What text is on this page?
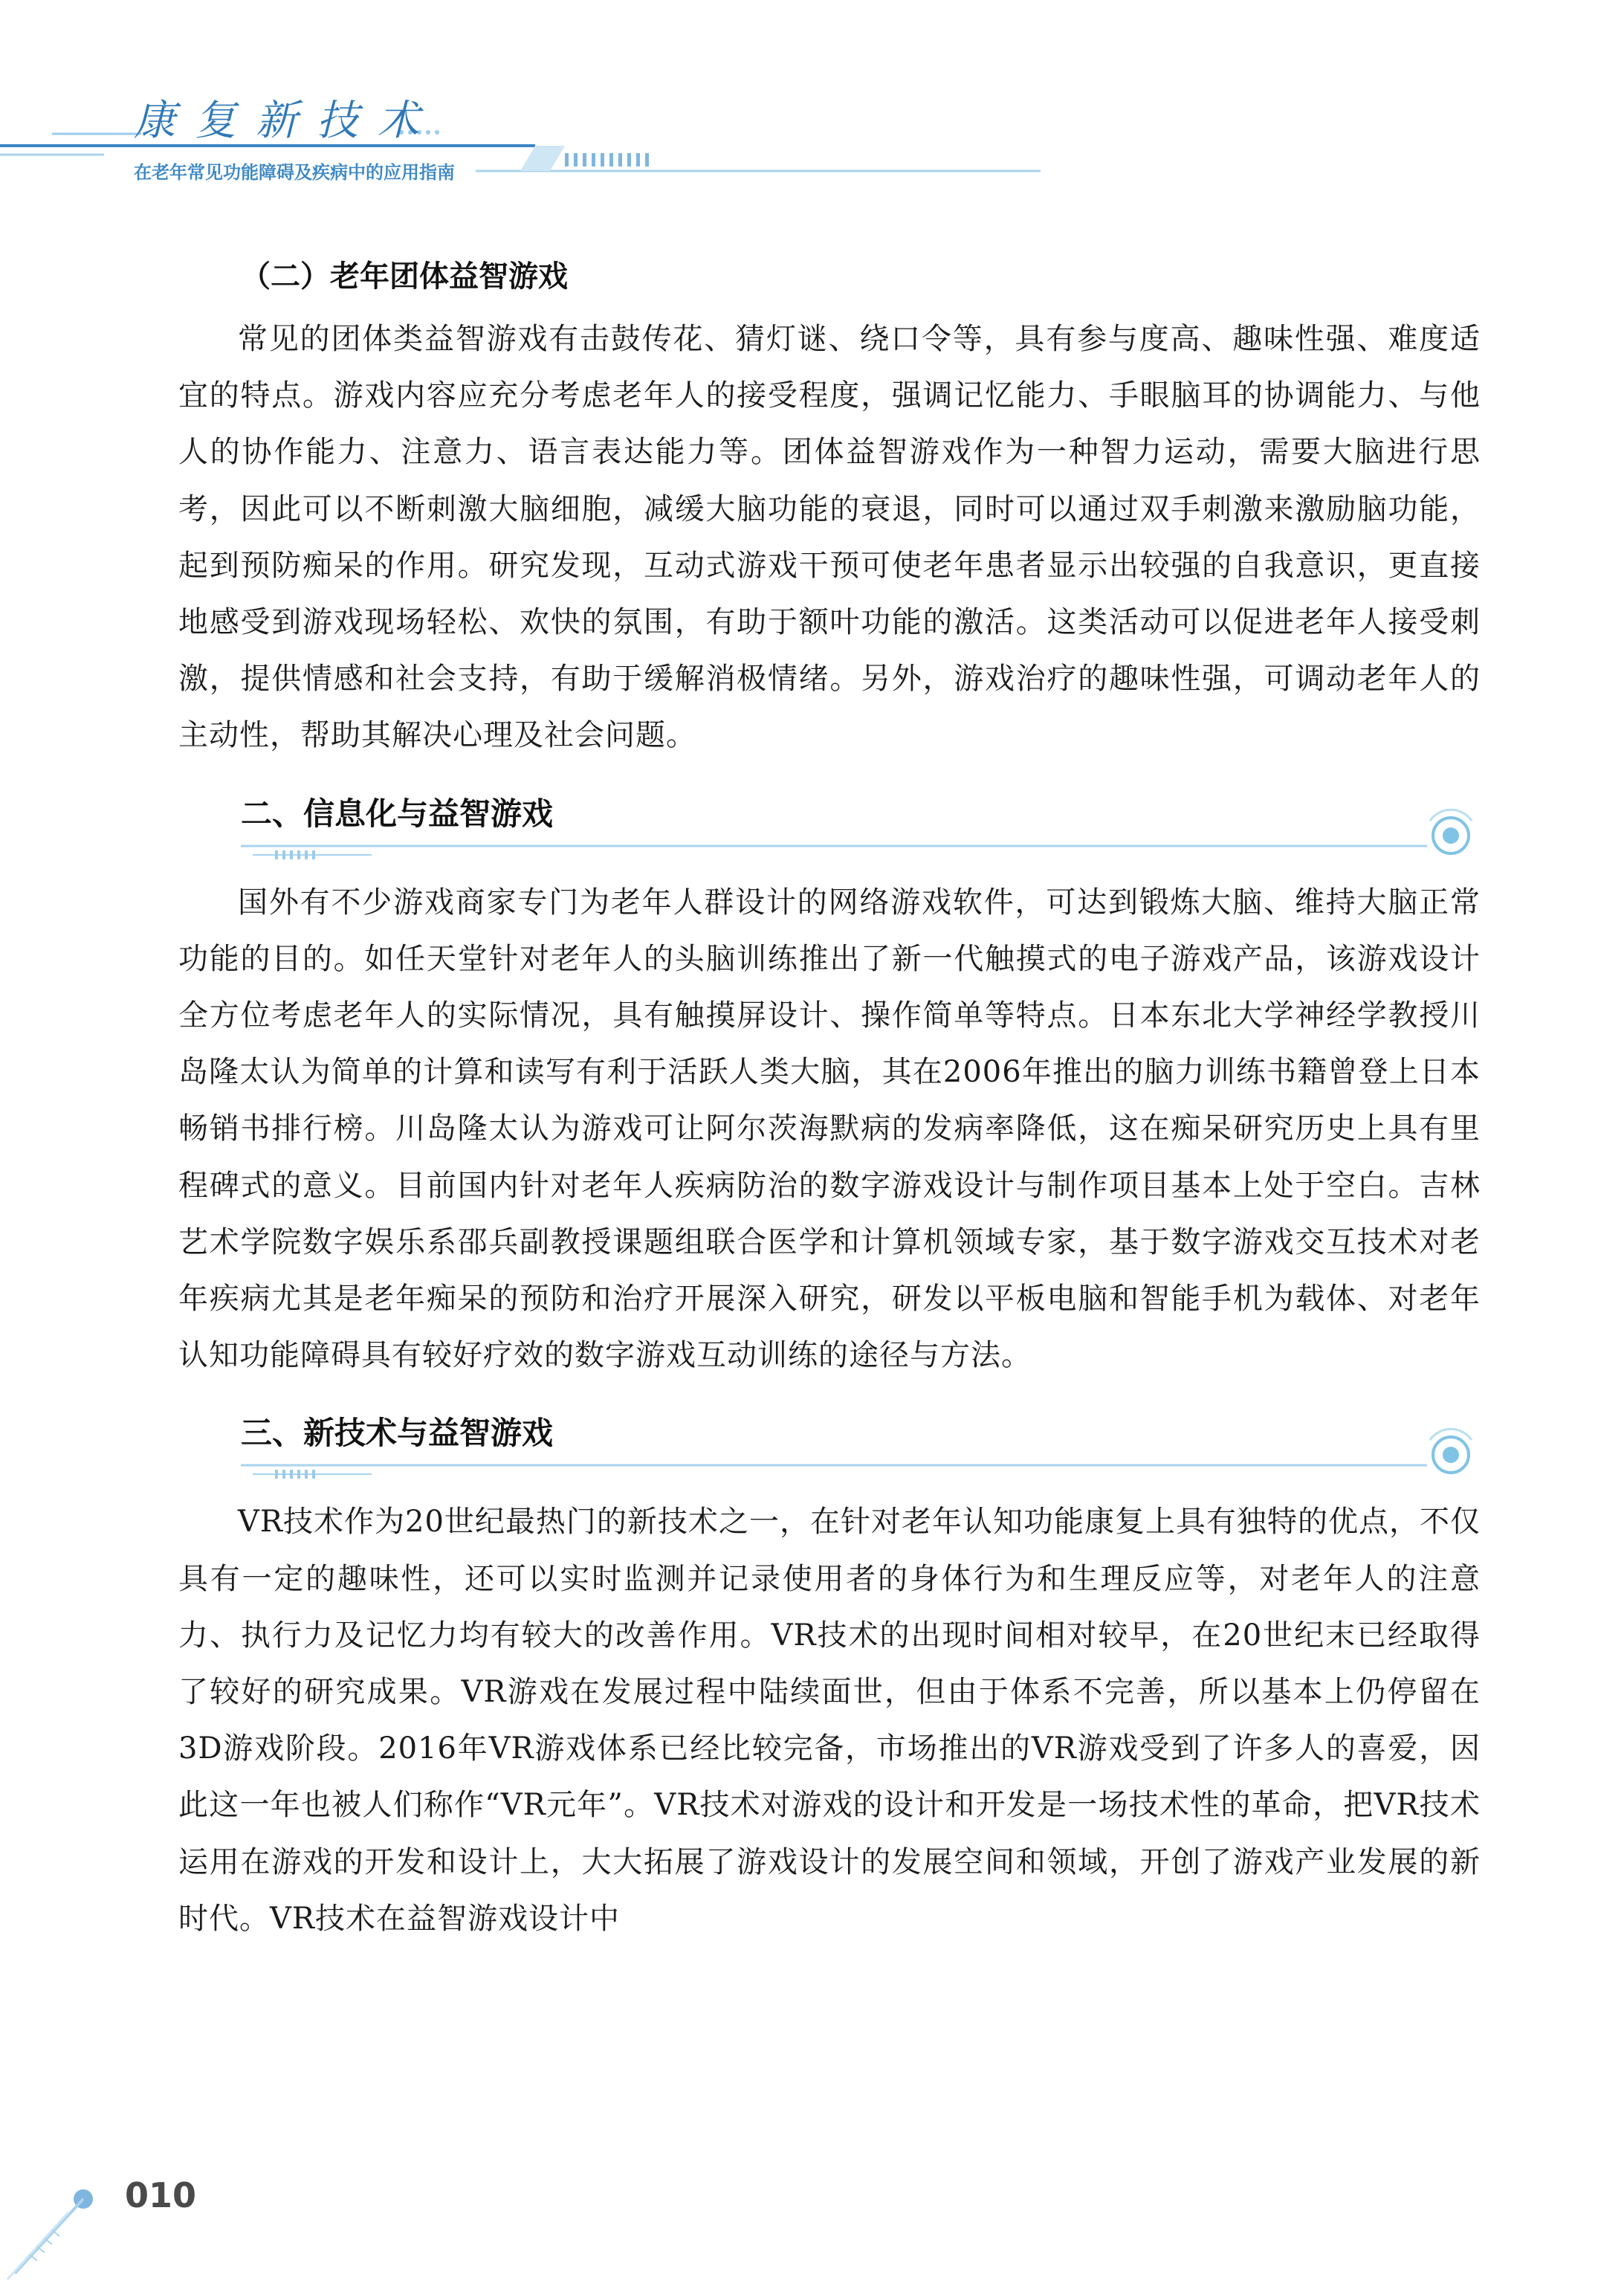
康复新技术

在老年常见功能障碍及疾病中的应用指南

（二）老年团体益智游戏

常见的团体类益智游戏有击鼓传花、猜灯谜、绕口令等，具有参与度高、趣味性强、难度适宜的特点。游戏内容应充分考虑老年人的接受程度，强调记忆能力、手眼脑耳的协调能力、与他人的协作能力、注意力、语言表达能力等。团体益智游戏作为一种智力运动，需要大脑进行思考，因此可以不断刺激大脑细胞，减缓大脑功能的衰退，同时可以通过双手刺激来激励脑功能，起到预防痴呆的作用。研究发现，互动式游戏干预可使老年患者显示出较强的自我意识，更直接地感受到游戏现场轻松、欢快的氛围，有助于额叶功能的激活。这类活动可以促进老年人接受刺激，提供情感和社会支持，有助于缓解消极情绪。另外，游戏治疗的趣味性强，可调动老年人的主动性，帮助其解决心理及社会问题。

二、信息化与益智游戏

国外有不少游戏商家专门为老年人群设计的网络游戏软件，可达到锻炼大脑、维持大脑正常功能的目的。如任天堂针对老年人的头脑训练推出了新一代触摸式的电子游戏产品，该游戏设计全方位考虑老年人的实际情况，具有触摸屏设计、操作简单等特点。日本东北大学神经学教授川岛隆太认为简单的计算和读写有利于活跃人类大脑，其在2006年推出的脑力训练书籍曾登上日本畅销书排行榜。川岛隆太认为游戏可让阿尔茨海默病的发病率降低，这在痴呆研究历史上具有里程碑式的意义。目前国内针对老年人疾病防治的数字游戏设计与制作项目基本上处于空白。吉林艺术学院数字娱乐系邵兵副教授课题组联合医学和计算机领域专家，基于数字游戏交互技术对老年疾病尤其是老年痴呆的预防和治疗开展深入研究，研发以平板电脑和智能手机为载体、对老年认知功能障碍具有较好疗效的数字游戏互动训练的途径与方法。

三、新技术与益智游戏

VR技术作为20世纪最热门的新技术之一，在针对老年认知功能康复上具有独特的优点，不仅具有一定的趣味性，还可以实时监测并记录使用者的身体行为和生理反应等，对老年人的注意力、执行力及记忆力均有较大的改善作用。VR技术的出现时间相对较早，在20世纪末已经取得了较好的研究成果。VR游戏在发展过程中陆续面世，但由于体系不完善，所以基本上仍停留在3D游戏阶段。2016年VR游戏体系已经比较完备，市场推出的VR游戏受到了许多人的喜爱，因此这一年也被人们称作“VR元年”。VR技术对游戏的设计和开发是一场技术性的革命，把VR技术运用在游戏的开发和设计上，大大拓展了游戏设计的发展空间和领域，开创了游戏产业发展的新时代。VR技术在益智游戏设计中

010
